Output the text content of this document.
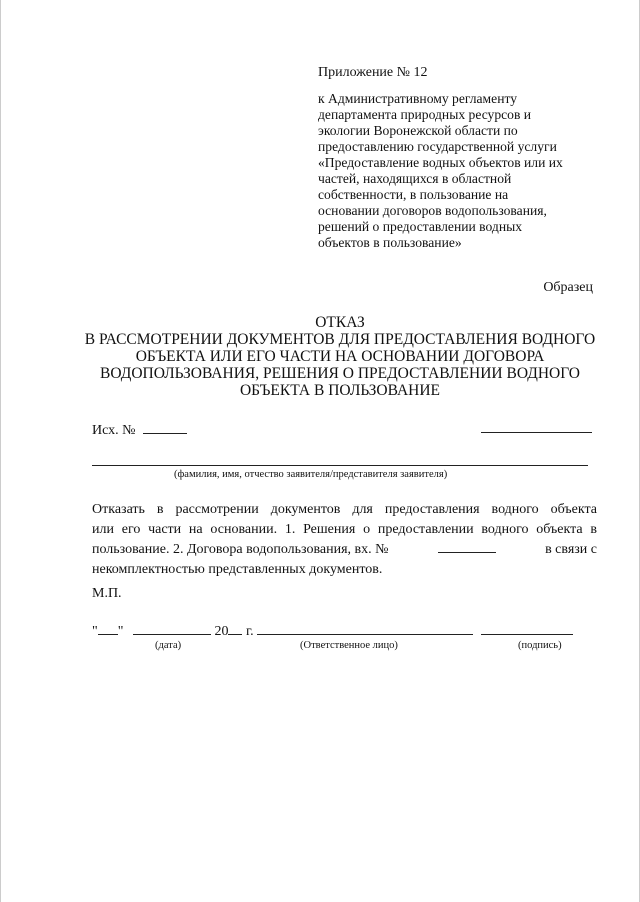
Приложение № 12
к Административному регламенту
департамента природных ресурсов и
экологии Воронежской области по
предоставлению государственной услуги
«Предоставление водных объектов или их
частей, находящихся в областной
собственности, в пользование на
основании договоров водопользования,
решений о предоставлении водных
объектов в пользование»
Образец
ОТКАЗ
В РАССМОТРЕНИИ ДОКУМЕНТОВ ДЛЯ ПРЕДОСТАВЛЕНИЯ ВОДНОГО
ОБЪЕКТА ИЛИ ЕГО ЧАСТИ НА ОСНОВАНИИ ДОГОВОРА
ВОДОПОЛЬЗОВАНИЯ, РЕШЕНИЯ О ПРЕДОСТАВЛЕНИИ ВОДНОГО
ОБЪЕКТА В ПОЛЬЗОВАНИЕ
Исх. №
(фамилия, имя, отчество заявителя/представителя заявителя)
Отказать в рассмотрении документов для предоставления водного объекта
или его части на основании. 1. Решения о предоставлении водного объекта в
пользование. 2. Договора водопользования, вх. №	в связи с
некомплектностью представленных документов.
М.П.
" "	20 г.
(дата)	(Ответственное лицо)	(подпись)
